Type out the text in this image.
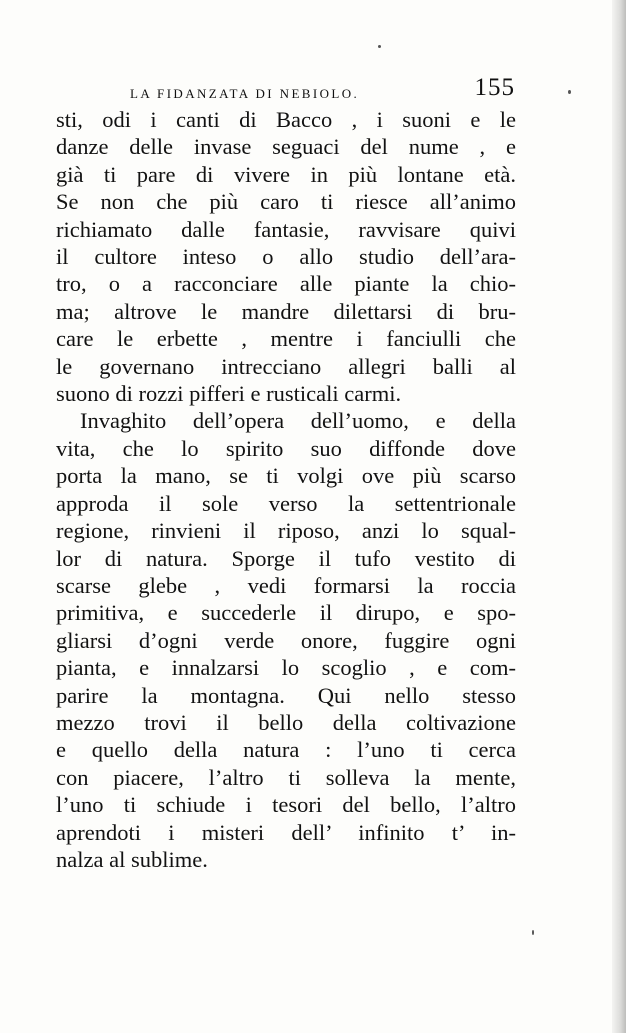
LA FIDANZATA DI NEBIOLO.	155
sti, odi i canti di Bacco , i suoni e le
danze delle invase seguaci del nume , e
già ti pare di vivere in più lontane età.
Se non che più caro ti riesce all’animo
richiamato dalle fantasie, ravvisare quivi
il cultore inteso o allo studio dell’ara-
tro, o a racconciare alle piante la chio-
ma; altrove le mandre dilettarsi di bru-
care le erbette , mentre i fanciulli che
le governano intrecciano allegri balli al
suono di rozzi pifferi e rusticali carmi.
Invaghito dell’opera dell’uomo, e della
vita, che lo spirito suo diffonde dove
porta la mano, se ti volgi ove più scarso
approda il sole verso la settentrionale
regione, rinvieni il riposo, anzi lo squal-
lor di natura. Sporge il tufo vestito di
scarse glebe , vedi formarsi la roccia
primitiva, e succederle il dirupo, e spo-
gliarsi d’ogni verde onore, fuggire ogni
pianta, e innalzarsi lo scoglio , e com-
parire la montagna. Qui nello stesso
mezzo trovi il bello della coltivazione
e quello della natura : l’uno ti cerca
con piacere, l’altro ti solleva la mente,
l’uno ti schiude i tesori del bello, l’altro
aprendoti i misteri dell’ infinito t’ in-
nalza al sublime.
